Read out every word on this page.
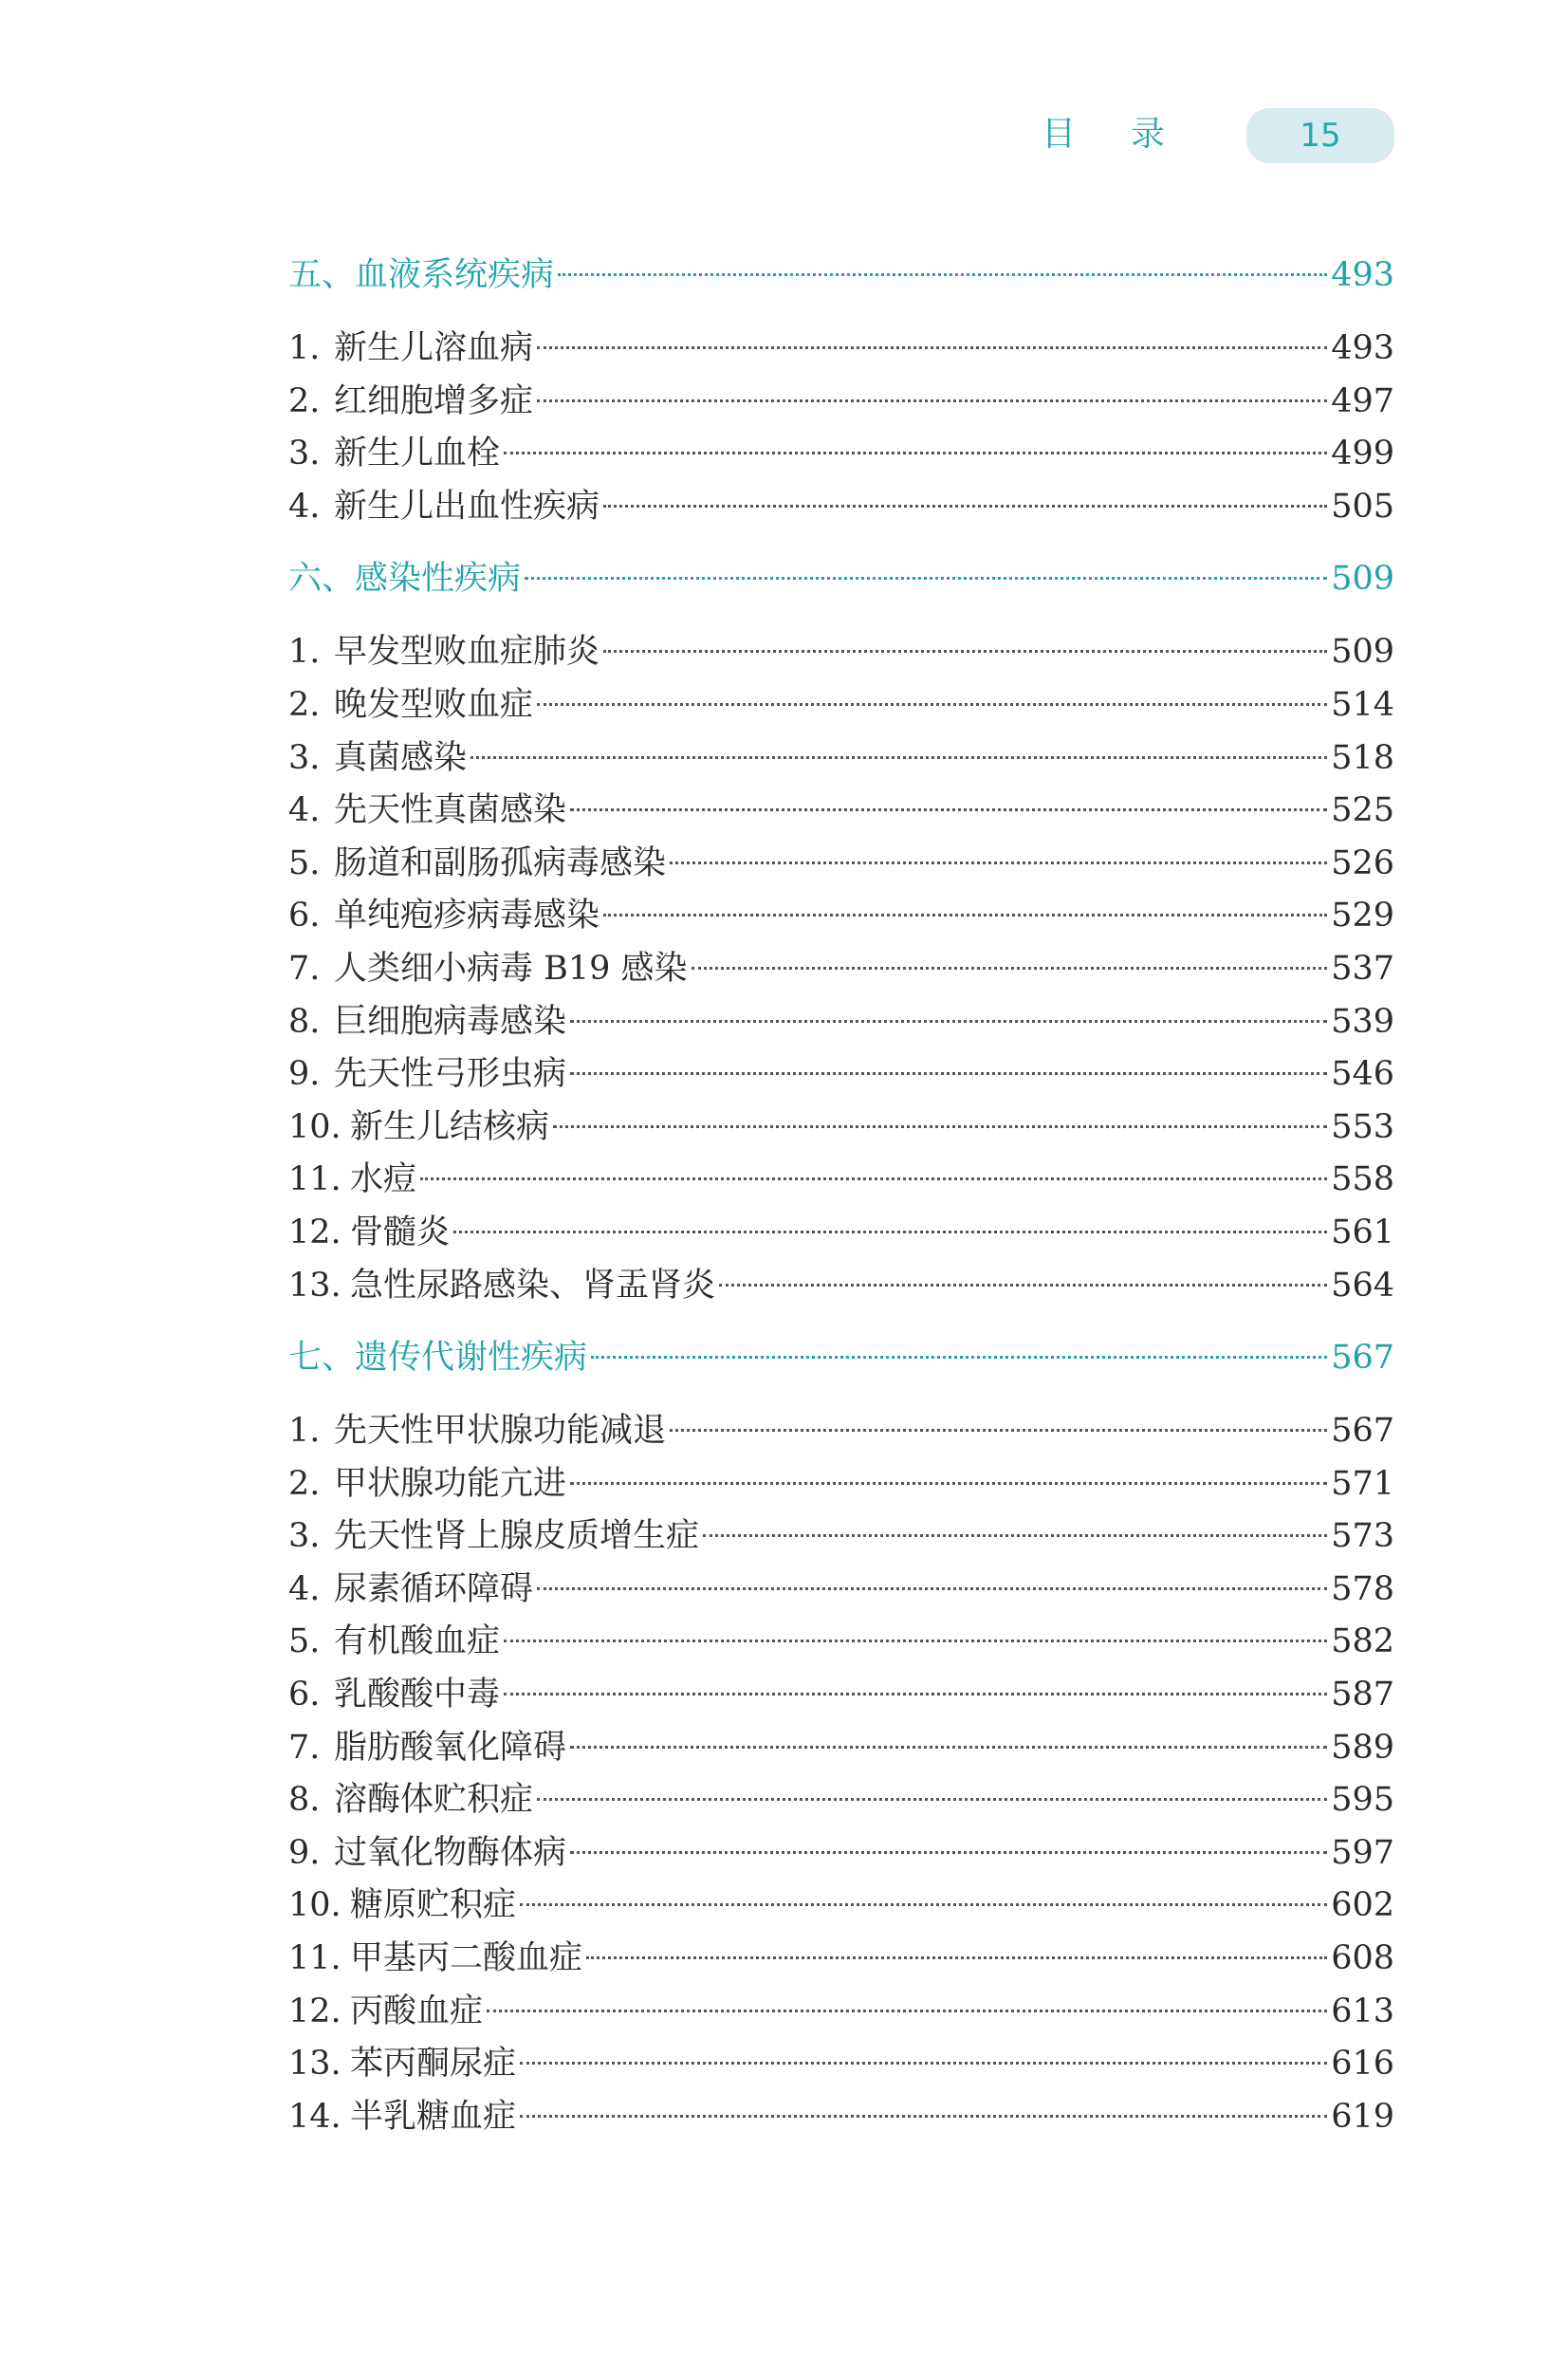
目 录	15
五、血液系统疾病	493
1. 新生儿溶血病	493
2. 红细胞增多症	497
3. 新生儿血栓	499
4. 新生儿出血性疾病	505
六、感染性疾病	509
1. 早发型败血症肺炎	509
2. 晚发型败血症	514
3. 真菌感染	518
4. 先天性真菌感染	525
5. 肠道和副肠孤病毒感染	526
6. 单纯疱疹病毒感染	529
7. 人类细小病毒 B19 感染	537
8. 巨细胞病毒感染	539
9. 先天性弓形虫病	546
10. 新生儿结核病	553
11. 水痘	558
12. 骨髓炎	561
13. 急性尿路感染、肾盂肾炎	564
七、遗传代谢性疾病	567
1. 先天性甲状腺功能减退	567
2. 甲状腺功能亢进	571
3. 先天性肾上腺皮质增生症	573
4. 尿素循环障碍	578
5. 有机酸血症	582
6. 乳酸酸中毒	587
7. 脂肪酸氧化障碍	589
8. 溶酶体贮积症	595
9. 过氧化物酶体病	597
10. 糖原贮积症	602
11. 甲基丙二酸血症	608
12. 丙酸血症	613
13. 苯丙酮尿症	616
14. 半乳糖血症	619
